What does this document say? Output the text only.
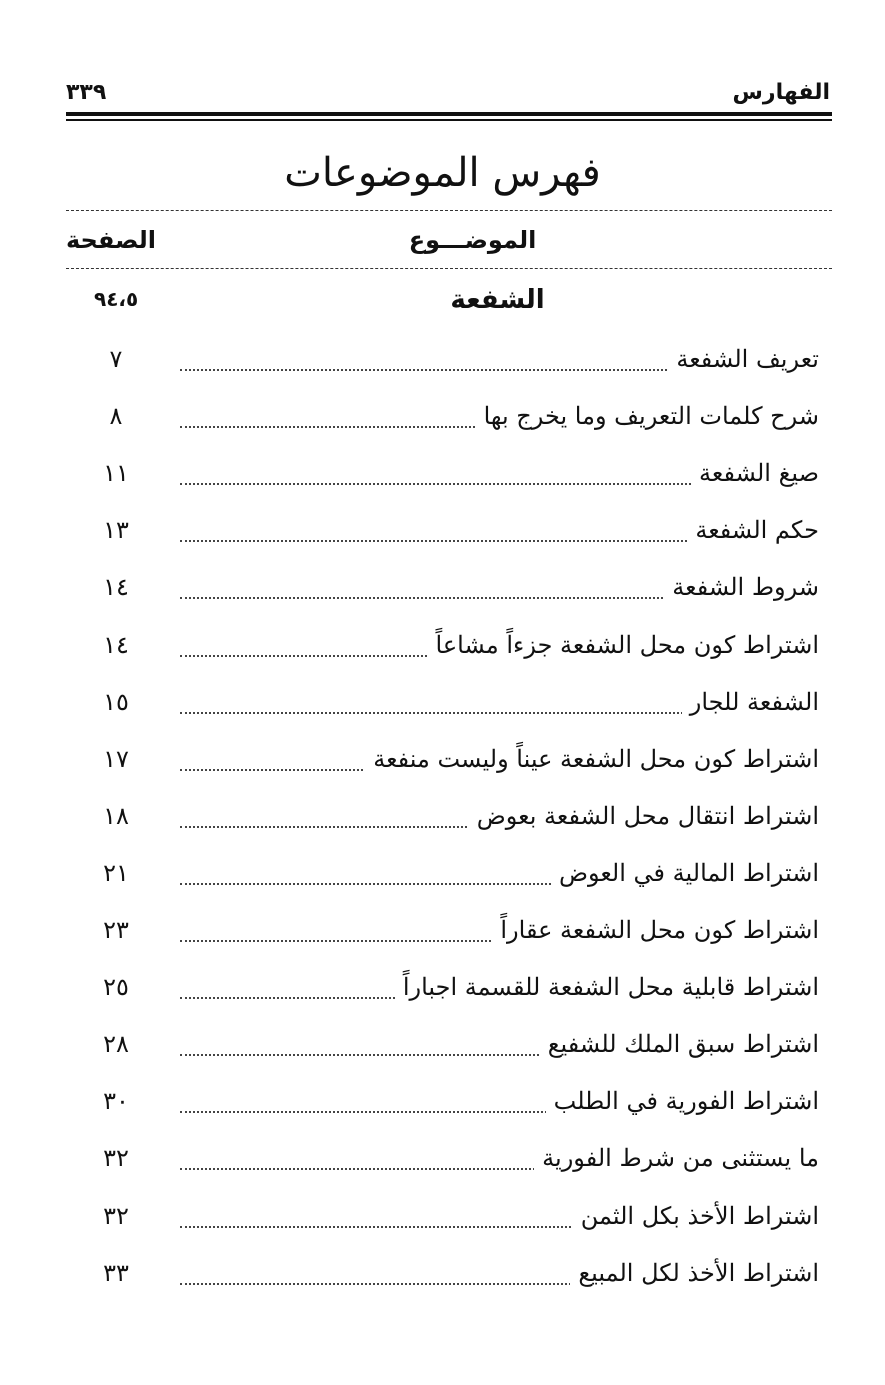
الفهارس
٣٣٩
فهرس الموضوعات
الموضـــوع
الصفحة
الشفعة
٩٤،٥
تعريف الشفعة
٧
شرح كلمات التعريف وما يخرج بها
٨
صيغ الشفعة
١١
حكم الشفعة
١٣
شروط الشفعة
١٤
اشتراط كون محل الشفعة جزءاً مشاعاً
١٤
الشفعة للجار
١٥
اشتراط كون محل الشفعة عيناً وليست منفعة
١٧
اشتراط انتقال محل الشفعة بعوض
١٨
اشتراط المالية في العوض
٢١
اشتراط كون محل الشفعة عقاراً
٢٣
اشتراط قابلية محل الشفعة للقسمة اجباراً
٢٥
اشتراط سبق الملك للشفيع
٢٨
اشتراط الفورية في الطلب
٣٠
ما يستثنى من شرط الفورية
٣٢
اشتراط الأخذ بكل الثمن
٣٢
اشتراط الأخذ لكل المبيع
٣٣
